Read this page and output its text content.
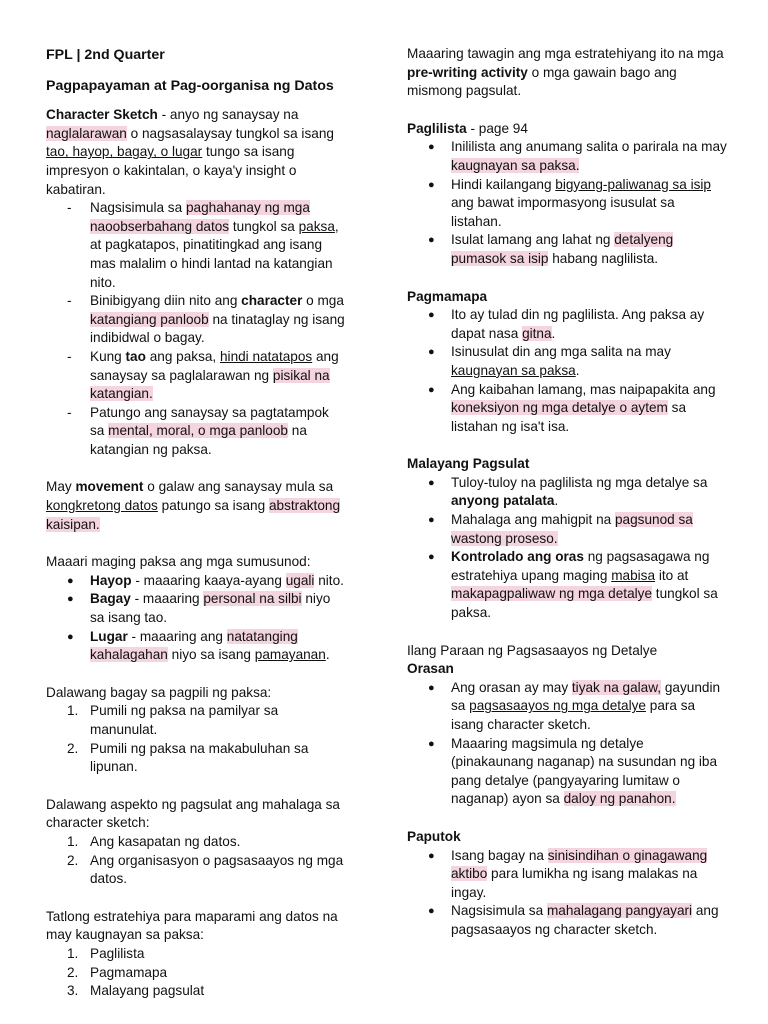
FPL | 2nd Quarter

Pagpapayaman at Pag-oorganisa ng Datos

Character Sketch - anyo ng sanaysay na naglalarawan o nagsasalaysay tungkol sa isang tao, hayop, bagay, o lugar tungo sa isang impresyon o kakintalan, o kaya'y insight o kabatiran.

- Nagsisimula sa paghahanay ng mga naoobserbahang datos tungkol sa paksa, at pagkatapos, pinatitingkad ang isang mas malalim o hindi lantad na katangian nito.
- Binibigyang diin nito ang character o mga katangiang panloob na tinataglay ng isang indibidwal o bagay.
- Kung tao ang paksa, hindi natatapos ang sanaysay sa paglalarawan ng pisikal na katangian.
- Patungo ang sanaysay sa pagtatampok sa mental, moral, o mga panloob na katangian ng paksa.

May movement o galaw ang sanaysay mula sa kongkretong datos patungo sa isang abstraktong kaisipan.

Maaari maging paksa ang mga sumusunod:

● Hayop - maaaring kaaya-ayang ugali nito.
● Bagay - maaaring personal na silbi niyo sa isang tao.
● Lugar - maaaring ang natatanging kahalagahan niyo sa isang pamayanan.

Dalawang bagay sa pagpili ng paksa:

1. Pumili ng paksa na pamilyar sa manunulat.
2. Pumili ng paksa na makabuluhan sa lipunan.

Dalawang aspekto ng pagsulat ang mahalaga sa character sketch:

1. Ang kasapatan ng datos.
2. Ang organisasyon o pagsasaayos ng mga datos.

Tatlong estratehiya para maparami ang datos na may kaugnayan sa paksa:

1. Paglilista
2. Pagmamapa
3. Malayang pagsulat

Maaaring tawagin ang mga estratehiyang ito na mga pre-writing activity o mga gawain bago ang mismong pagsulat.

Paglilista - page 94

● Inililista ang anumang salita o parirala na may kaugnayan sa paksa.
● Hindi kailangang bigyang-paliwanag sa isip ang bawat impormasyong isusulat sa listahan.
● Isulat lamang ang lahat ng detalyeng pumasok sa isip habang naglilista.

Pagmamapa

● Ito ay tulad din ng paglilista. Ang paksa ay dapat nasa gitna.
● Isinusulat din ang mga salita na may kaugnayan sa paksa.
● Ang kaibahan lamang, mas naipapakita ang koneksiyon ng mga detalye o aytem sa listahan ng isa't isa.

Malayang Pagsulat

● Tuloy-tuloy na paglilista ng mga detalye sa anyong patalata.
● Mahalaga ang mahigpit na pagsunod sa wastong proseso.
● Kontrolado ang oras ng pagsasagawa ng estratehiya upang maging mabisa ito at makapagpaliwaw ng mga detalye tungkol sa paksa.

Ilang Paraan ng Pagsasaayos ng Detalye

Orasan

● Ang orasan ay may tiyak na galaw, gayundin sa pagsasaayos ng mga detalye para sa isang character sketch.
● Maaaring magsimula ng detalye (pinakaunang naganap) na susundan ng iba pang detalye (pangyayaring lumitaw o naganap) ayon sa daloy ng panahon.

Paputok

● Isang bagay na sinisindihan o ginagawang aktibo para lumikha ng isang malakas na ingay.
● Nagsisimula sa mahalagang pangyayari ang pagsasaayos ng character sketch.
